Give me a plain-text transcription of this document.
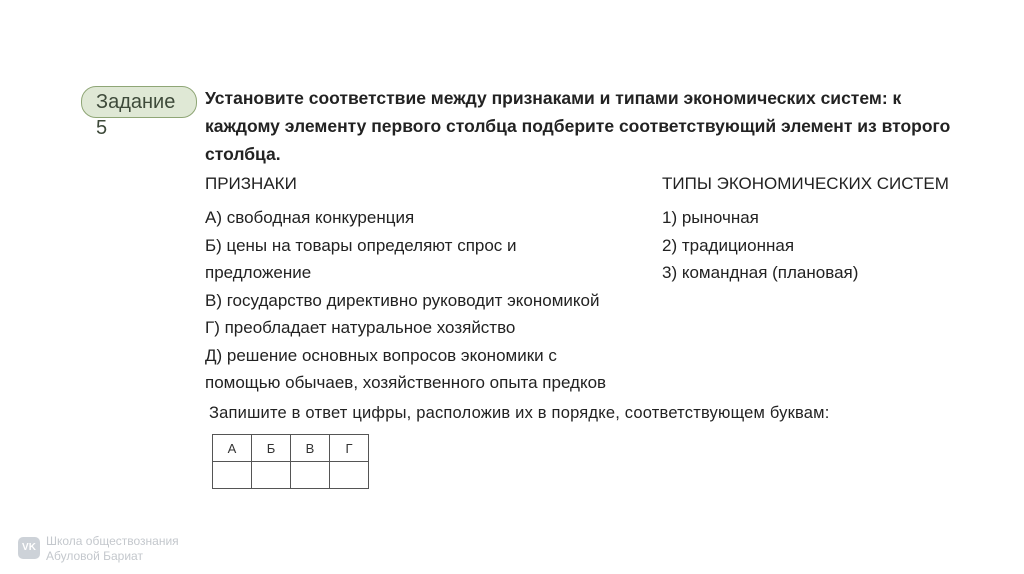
Задание
5
Установите соответствие между признаками и типами экономических систем: к каждому элементу первого столбца подберите соответствующий элемент из второго столбца.
ПРИЗНАКИ	ТИПЫ ЭКОНОМИЧЕСКИХ СИСТЕМ
А) свободная конкуренция
Б) цены на товары определяют спрос и
предложение
В) государство директивно руководит экономикой
Г) преобладает натуральное хозяйство
Д) решение основных вопросов экономики с
помощью обычаев, хозяйственного опыта предков
1) рыночная
2) традиционная
3) командная (плановая)
Запишите в ответ цифры, расположив их в порядке, соответствующем буквам:
А	Б	В	Г

VK Школа обществознания
Абуловой Бариат
